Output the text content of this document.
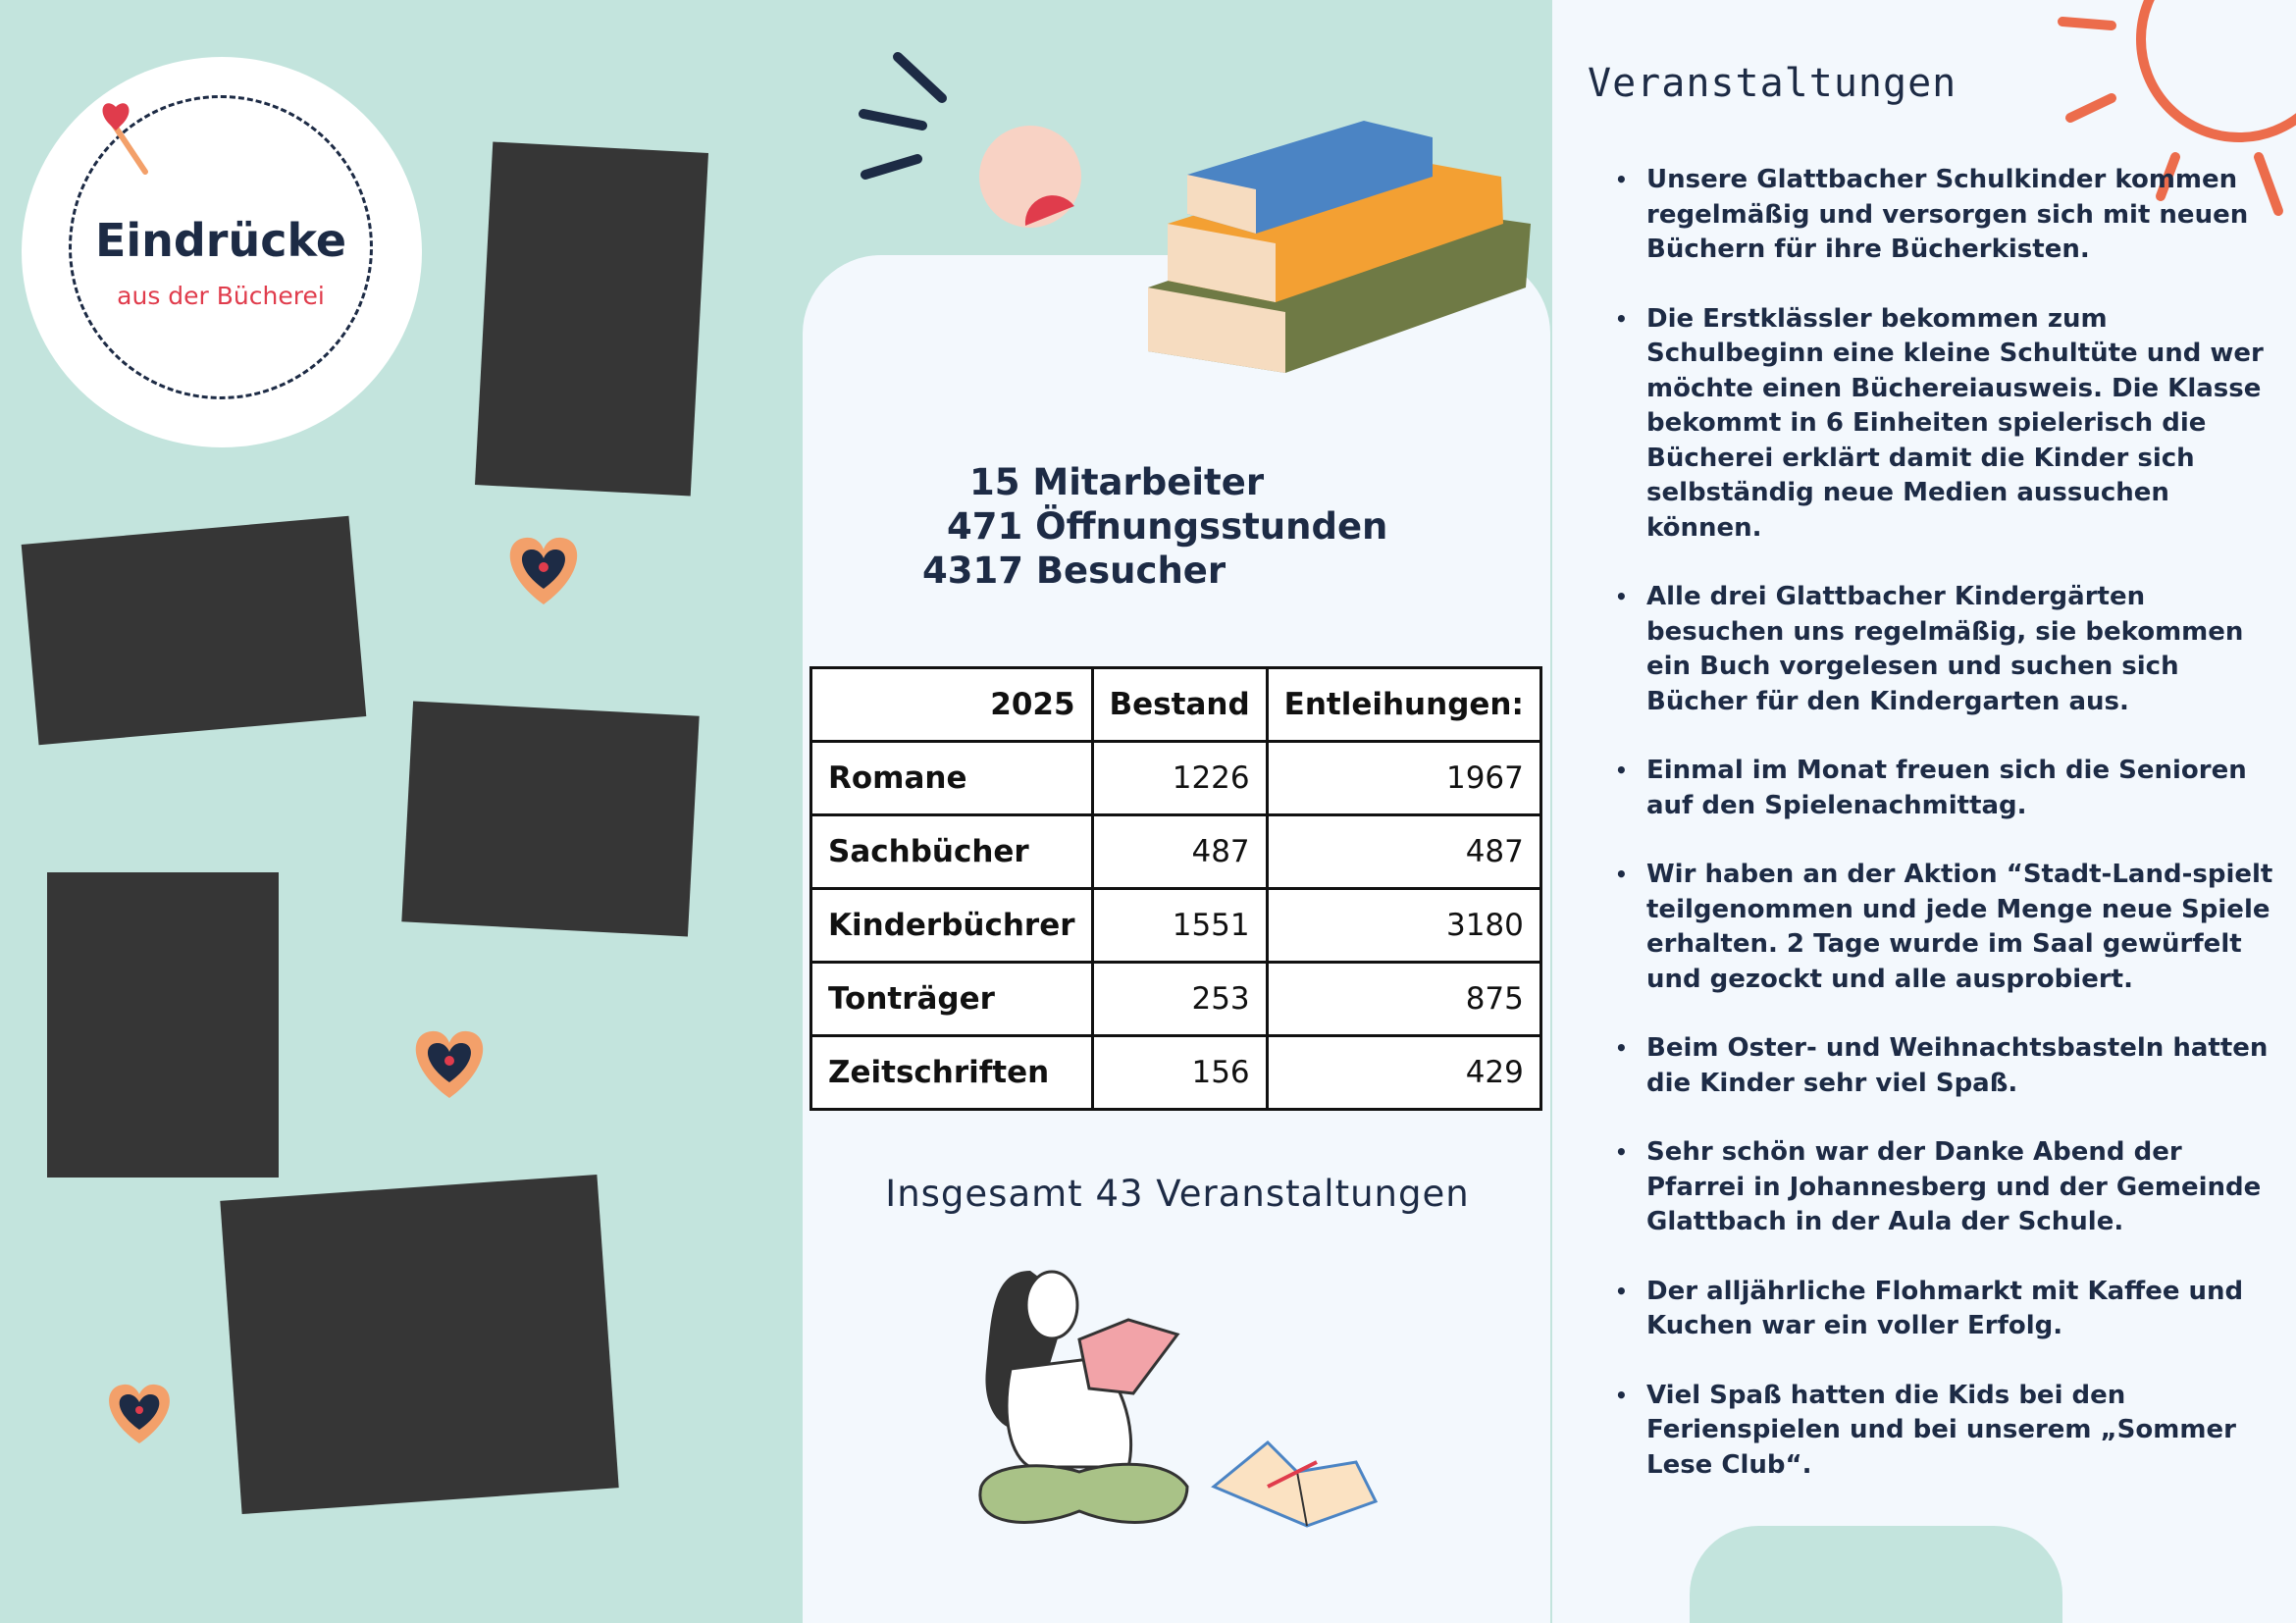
Veranstaltungen
• Unsere Glattbacher Schulkinder kommen regelmäßig und versorgen sich mit neuen Büchern für ihre Bücherkisten.
• Die Erstklässler bekommen zum Schulbeginn eine kleine Schultüte und wer möchte einen Büchereiausweis. Die Klasse bekommt in 6 Einheiten spielerisch die Bücherei erklärt damit die Kinder sich selbständig neue Medien aussuchen können.
• Alle drei Glattbacher Kindergärten besuchen uns regelmäßig, sie bekommen ein Buch vorgelesen und suchen sich Bücher für den Kindergarten aus.
• Einmal im Monat freuen sich die Senioren auf den Spielenachmittag.
• Wir haben an der Aktion “Stadt-Land-spielt teilgenommen und jede Menge neue Spiele erhalten. 2 Tage wurde im Saal gewürfelt und gezockt und alle ausprobiert.
• Beim Oster- und Weihnachtsbasteln hatten die Kinder sehr viel Spaß.
• Sehr schön war der Danke Abend der Pfarrei in Johannesberg und der Gemeinde Glattbach in der Aula der Schule.
• Der alljährliche Flohmarkt mit Kaffee und Kuchen war ein voller Erfolg.
• Viel Spaß hatten die Kids bei den Ferienspielen und bei unserem „Sommer Lese Club“.
Eindrücke
aus der Bücherei
15 Mitarbeiter
471 Öffnungsstunden
4317 Besucher
2025	Bestand	Entleihungen:
Romane	1226	1967
Sachbücher	487	487
Kinderbüchrer	1551	3180
Tonträger	253	875
Zeitschriften	156	429
Insgesamt 43 Veranstaltungen
